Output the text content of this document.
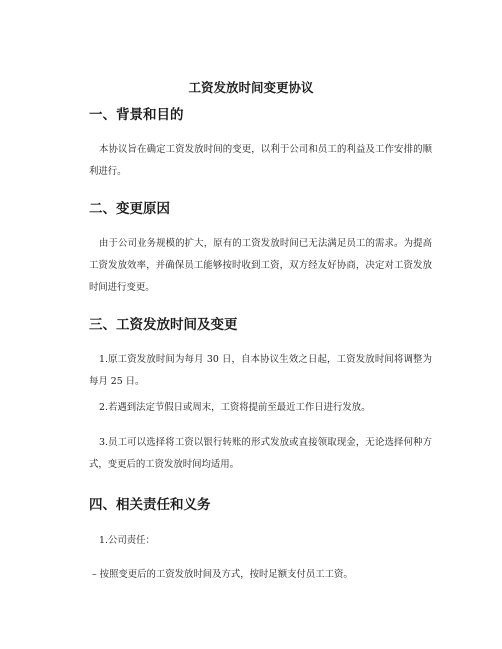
工资发放时间变更协议
一、背景和目的

本协议旨在确定工资发放时间的变更，以利于公司和员工的利益及工作安排的顺利进行。

二、变更原因

由于公司业务规模的扩大，原有的工资发放时间已无法满足员工的需求。为提高工资发放效率，并确保员工能够按时收到工资，双方经友好协商，决定对工资发放时间进行变更。

三、工资发放时间及变更

1.原工资发放时间为每月 30 日，自本协议生效之日起，工资发放时间将调整为每月 25 日。

2.若遇到法定节假日或周末，工资将提前至最近工作日进行发放。

3.员工可以选择将工资以银行转账的形式发放或直接领取现金，无论选择何种方式，变更后的工资发放时间均适用。

四、相关责任和义务

1.公司责任：

– 按照变更后的工资发放时间及方式，按时足额支付员工工资。
